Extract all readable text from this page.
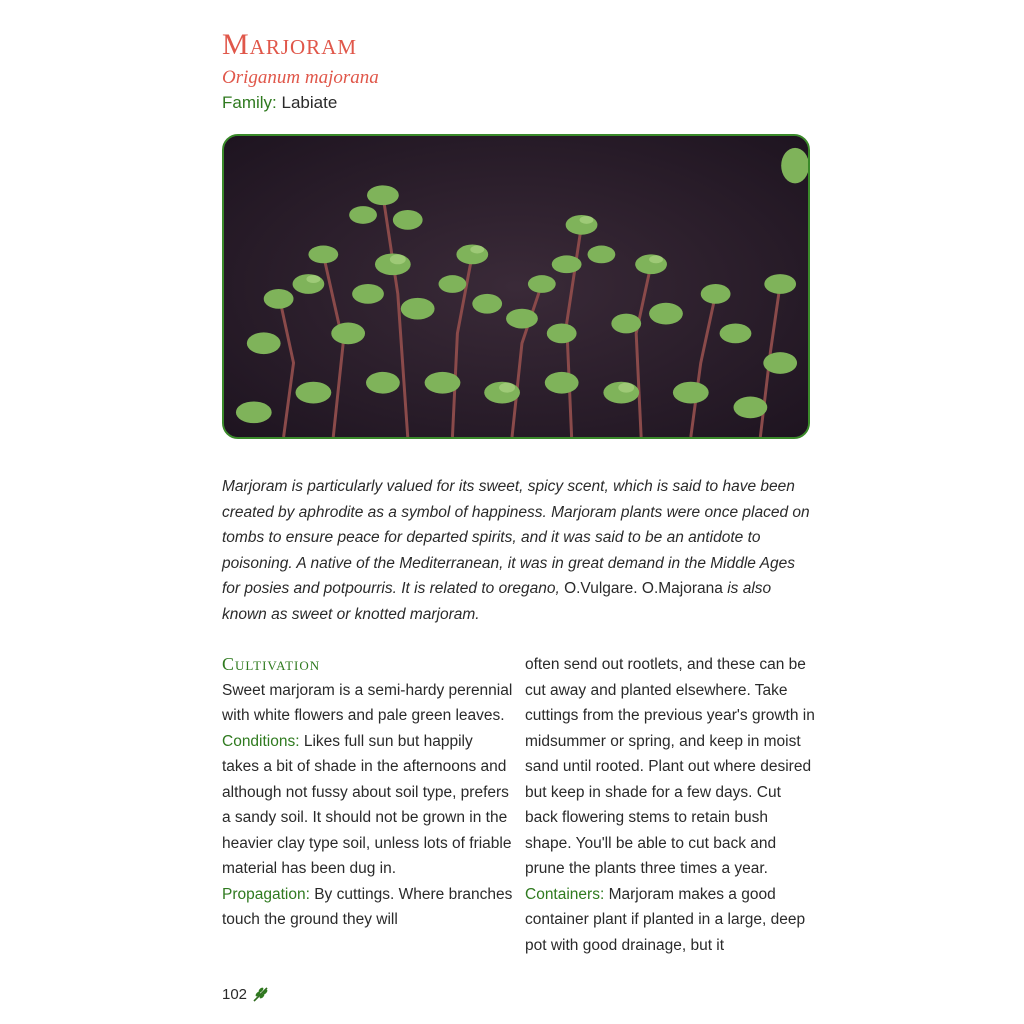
Marjoram
Origanum majorana
Family: Labiate

Marjoram is particularly valued for its sweet, spicy scent, which is said to have been created by aphrodite as a symbol of happiness. Marjoram plants were once placed on tombs to ensure peace for departed spirits, and it was said to be an antidote to poisoning. A native of the Mediterranean, it was in great demand in the Middle Ages for posies and potpourris. It is related to oregano, O.Vulgare. O.Majorana is also known as sweet or knotted marjoram.

Cultivation

Sweet marjoram is a semi-hardy perennial with white flowers and pale green leaves.

Conditions: Likes full sun but happily takes a bit of shade in the afternoons and although not fussy about soil type, prefers a sandy soil. It should not be grown in the heavier clay type soil, unless lots of friable material has been dug in.

Propagation: By cuttings. Where branches touch the ground they will

often send out rootlets, and these can be cut away and planted elsewhere. Take cuttings from the previous year's growth in midsummer or spring, and keep in moist sand until rooted. Plant out where desired but keep in shade for a few days. Cut back flowering stems to retain bush shape. You'll be able to cut back and prune the plants three times a year.

Containers: Marjoram makes a good container plant if planted in a large, deep pot with good drainage, but it

102
